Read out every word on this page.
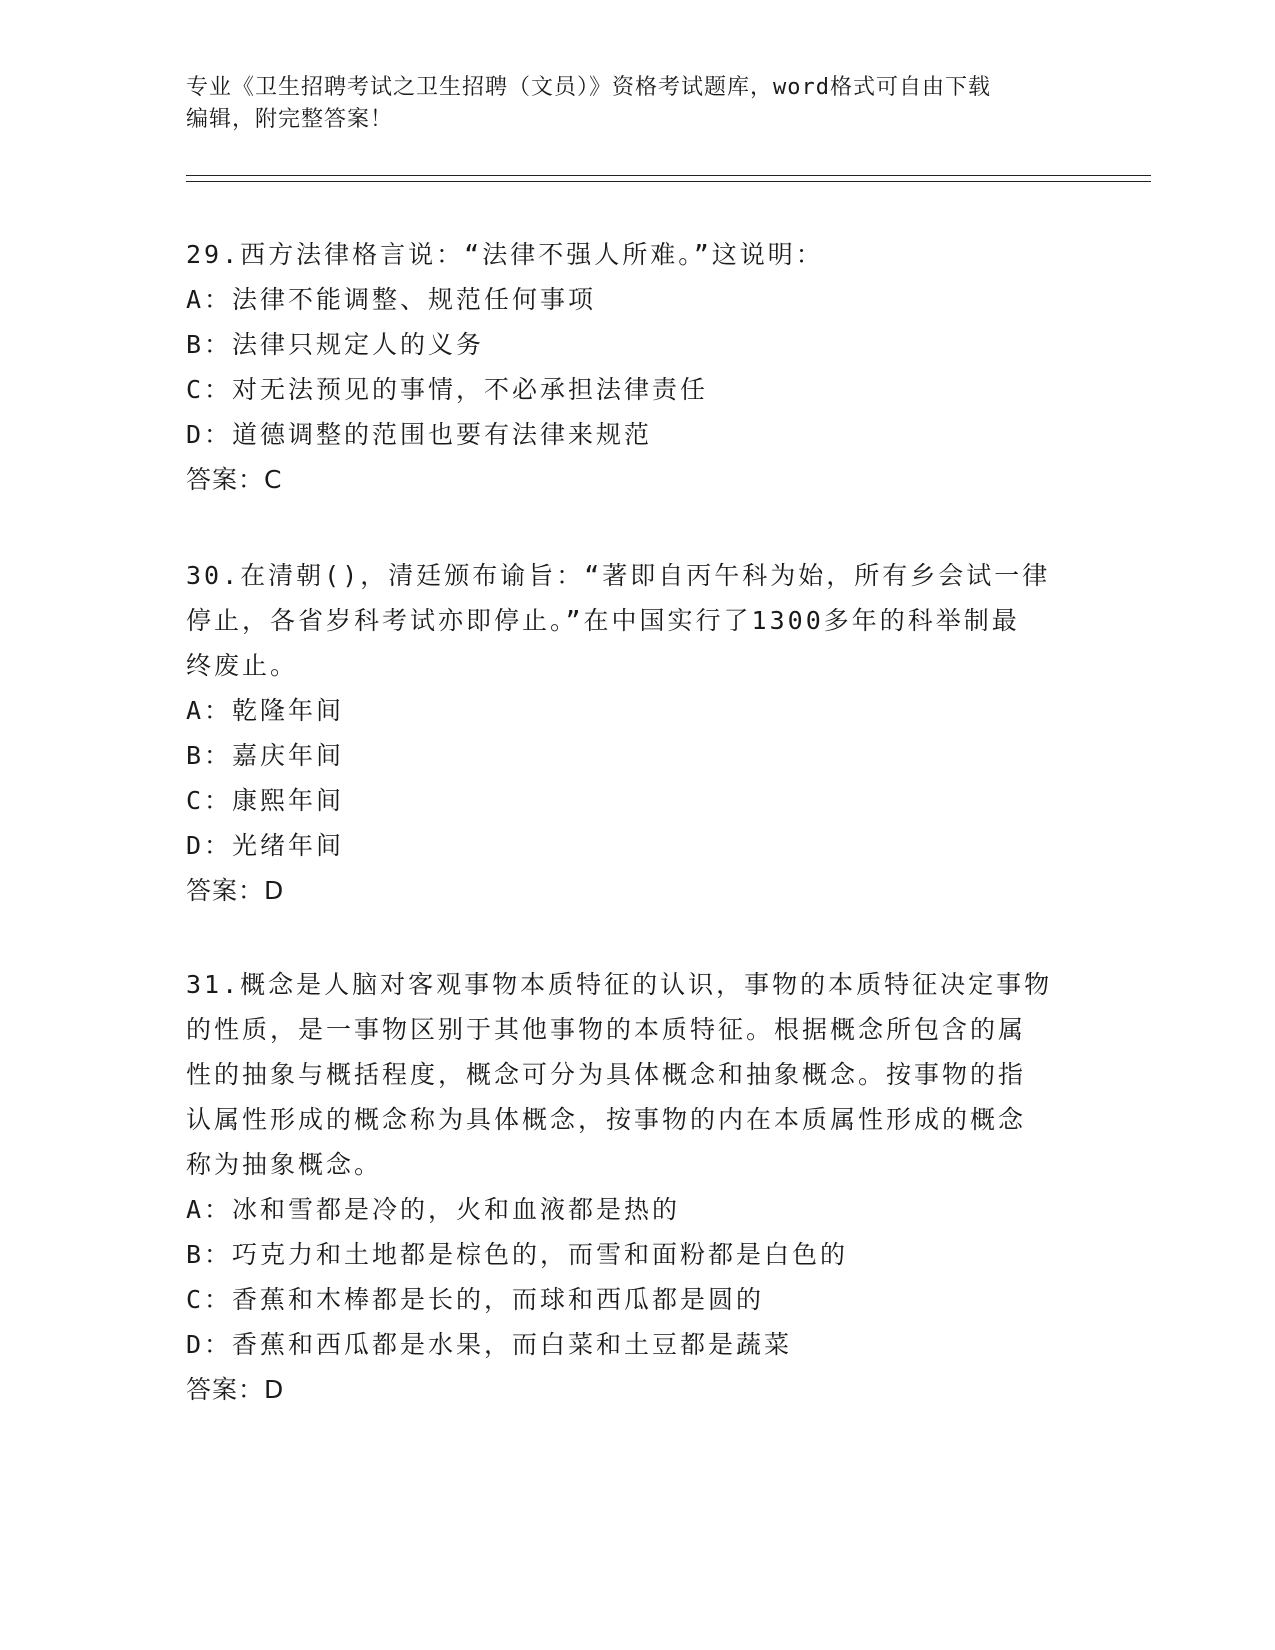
专业《卫生招聘考试之卫生招聘（文员）》资格考试题库，word格式可自由下载
编辑，附完整答案！
29.西方法律格言说：“法律不强人所难。”这说明：
A：法律不能调整、规范任何事项
B：法律只规定人的义务
C：对无法预见的事情，不必承担法律责任
D：道德调整的范围也要有法律来规范
答案：C
30.在清朝()，清廷颁布谕旨：“著即自丙午科为始，所有乡会试一律
停止，各省岁科考试亦即停止。”在中国实行了1300多年的科举制最
终废止。
A：乾隆年间
B：嘉庆年间
C：康熙年间
D：光绪年间
答案：D
31.概念是人脑对客观事物本质特征的认识，事物的本质特征决定事物
的性质，是一事物区别于其他事物的本质特征。根据概念所包含的属
性的抽象与概括程度，概念可分为具体概念和抽象概念。按事物的指
认属性形成的概念称为具体概念，按事物的内在本质属性形成的概念
称为抽象概念。
A：冰和雪都是冷的，火和血液都是热的
B：巧克力和土地都是棕色的，而雪和面粉都是白色的
C：香蕉和木棒都是长的，而球和西瓜都是圆的
D：香蕉和西瓜都是水果，而白菜和土豆都是蔬菜
答案：D
